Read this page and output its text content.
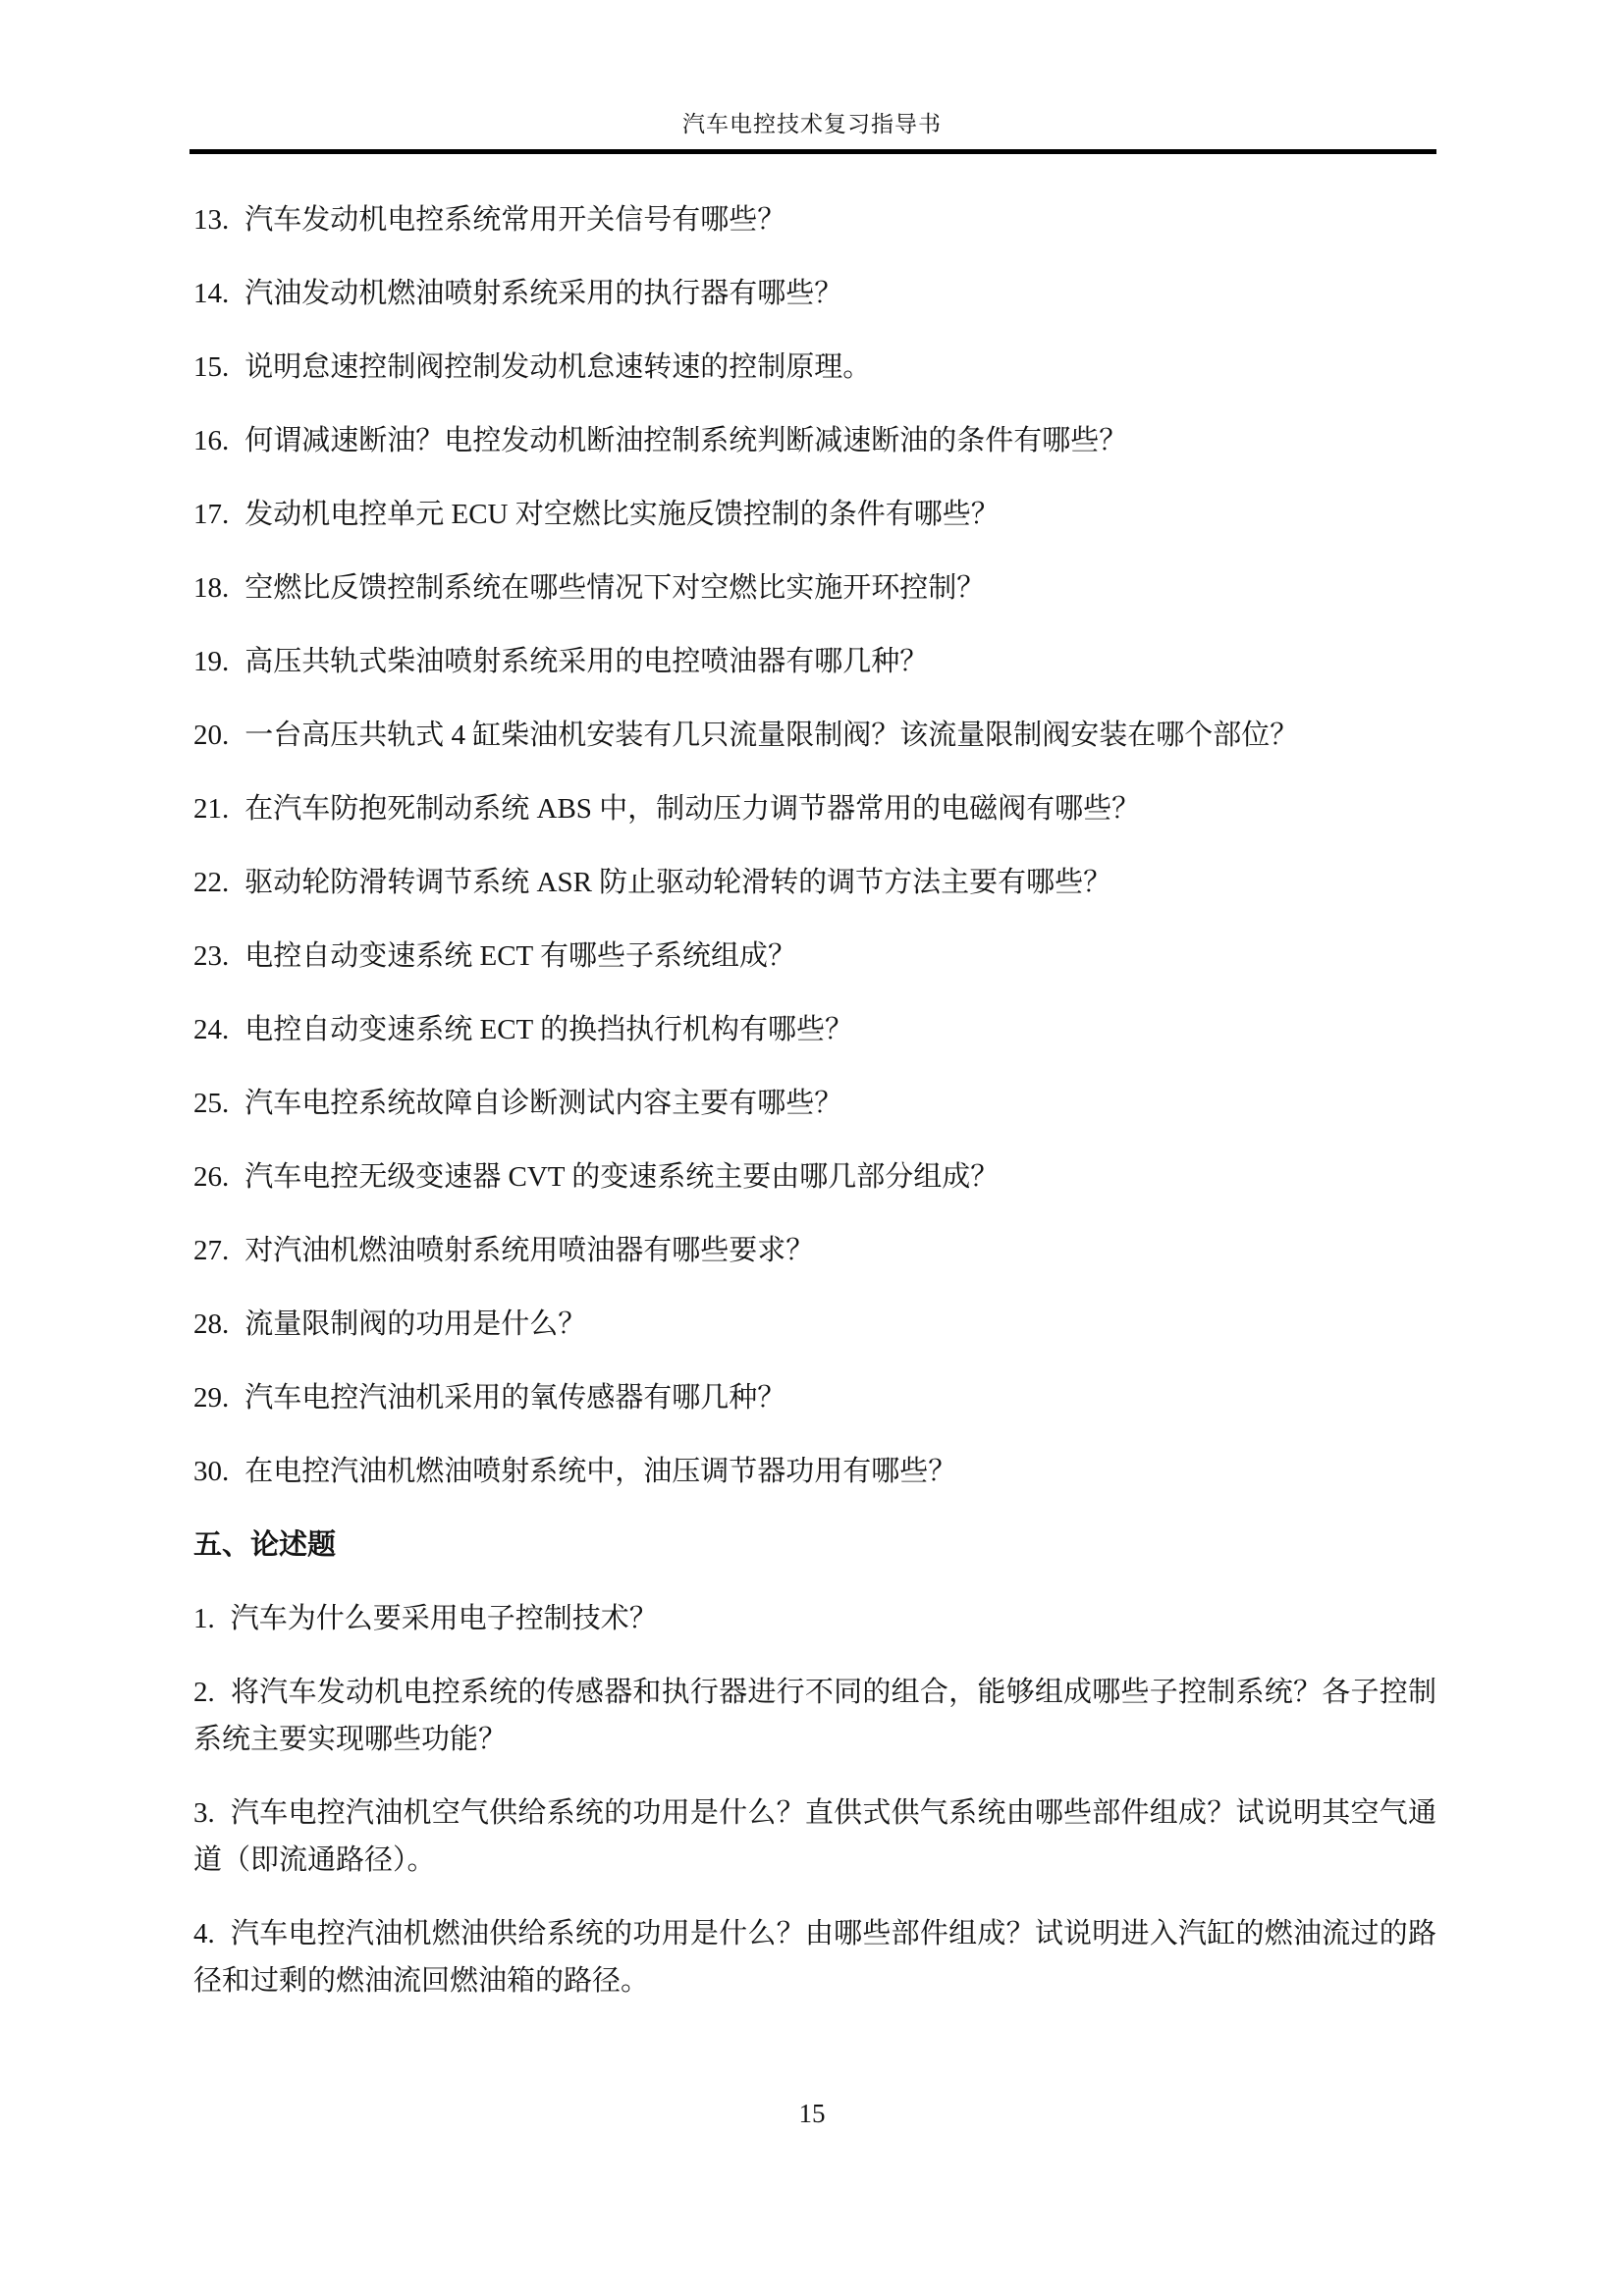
汽车电控技术复习指导书

13. 汽车发动机电控系统常用开关信号有哪些？

14. 汽油发动机燃油喷射系统采用的执行器有哪些？

15. 说明怠速控制阀控制发动机怠速转速的控制原理。

16. 何谓减速断油？电控发动机断油控制系统判断减速断油的条件有哪些？

17. 发动机电控单元 ECU 对空燃比实施反馈控制的条件有哪些？

18. 空燃比反馈控制系统在哪些情况下对空燃比实施开环控制？

19. 高压共轨式柴油喷射系统采用的电控喷油器有哪几种？

20. 一台高压共轨式 4 缸柴油机安装有几只流量限制阀？该流量限制阀安装在哪个部位？

21. 在汽车防抱死制动系统 ABS 中，制动压力调节器常用的电磁阀有哪些？

22. 驱动轮防滑转调节系统 ASR 防止驱动轮滑转的调节方法主要有哪些？

23. 电控自动变速系统 ECT 有哪些子系统组成？

24. 电控自动变速系统 ECT 的换挡执行机构有哪些？

25. 汽车电控系统故障自诊断测试内容主要有哪些？

26. 汽车电控无级变速器 CVT 的变速系统主要由哪几部分组成？

27. 对汽油机燃油喷射系统用喷油器有哪些要求？

28. 流量限制阀的功用是什么？

29. 汽车电控汽油机采用的氧传感器有哪几种？

30. 在电控汽油机燃油喷射系统中，油压调节器功用有哪些？

五、论述题

1. 汽车为什么要采用电子控制技术？

2. 将汽车发动机电控系统的传感器和执行器进行不同的组合，能够组成哪些子控制系统？各子控制系统主要实现哪些功能？

3. 汽车电控汽油机空气供给系统的功用是什么？直供式供气系统由哪些部件组成？试说明其空气通道（即流通路径）。

4. 汽车电控汽油机燃油供给系统的功用是什么？由哪些部件组成？试说明进入汽缸的燃油流过的路径和过剩的燃油流回燃油箱的路径。

15
